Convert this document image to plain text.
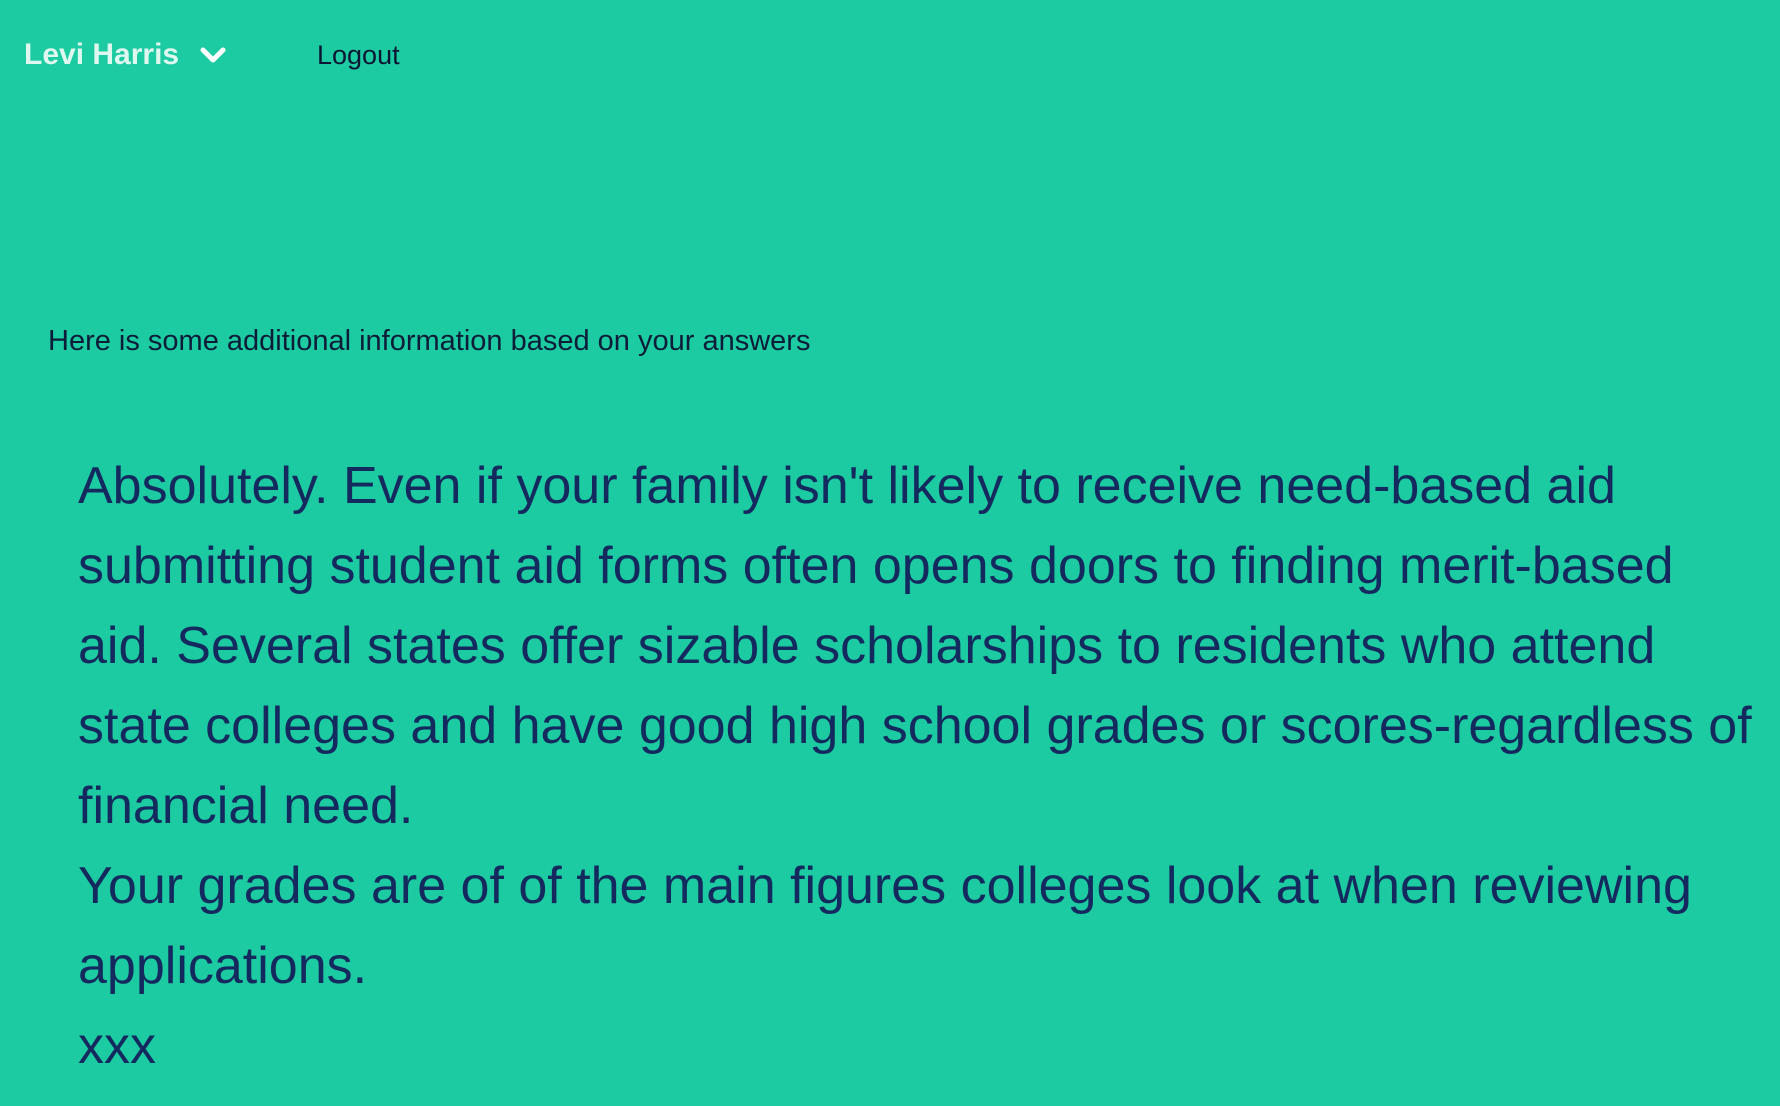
Levi Harris	Logout
Here is some additional information based on your answers

Absolutely. Even if your family isn't likely to receive need-based aid submitting student aid forms often opens doors to finding merit-based aid. Several states offer sizable scholarships to residents who attend state colleges and have good high school grades or scores-regardless of financial need.

Your grades are of of the main figures colleges look at when reviewing applications.

xxx
